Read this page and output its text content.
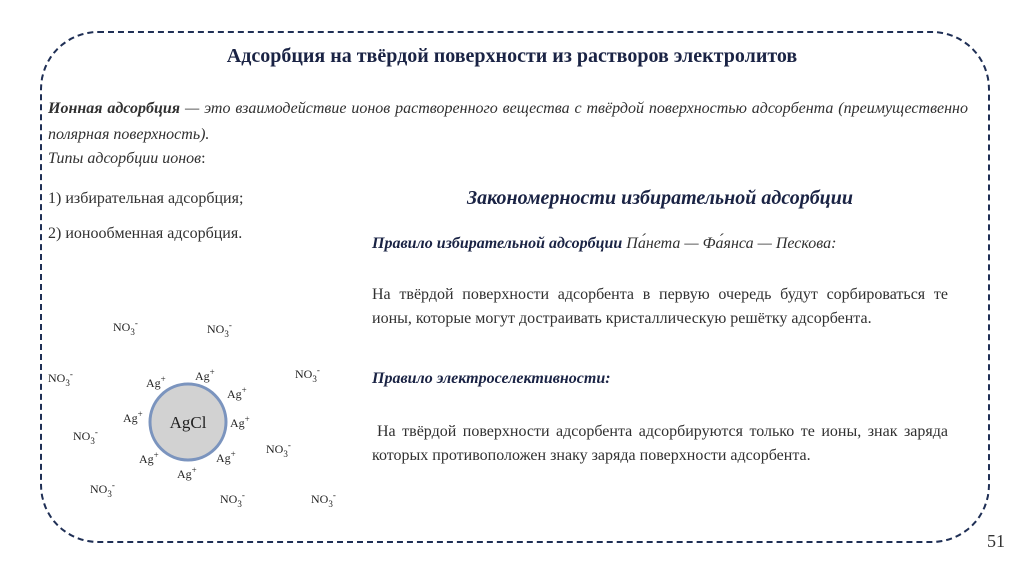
Адсорбция на твёрдой поверхности из растворов электролитов
Ионная адсорбция — это взаимодействие ионов растворенного вещества с твёрдой поверхностью адсорбента (преимущественно полярная поверхность).
Типы адсорбции ионов:
1) избирательная адсорбция;
2) ионообменная адсорбция.
Закономерности избирательной адсорбции
Правило избирательной адсорбции Па́нета — Фа́янса — Пескова:
На твёрдой поверхности адсорбента в первую очередь будут сорбироваться те ионы, которые могут достраивать кристаллическую решётку адсорбента.
Правило электроселективности:
На твёрдой поверхности адсорбента адсорбируются только те ионы, знак заряда которых противоположен знаку заряда поверхности адсорбента.
AgCl
Ag+ Ag+
Ag+
Ag+
Ag+
Ag+
Ag+
Ag+
$NO_3^-$	$NO_3^-$
$NO_3^-$	$NO_3^-$
$NO_3^-$
$NO_3^-$
$NO_3^-$
$NO_3^-$	$NO_3^-$
51
